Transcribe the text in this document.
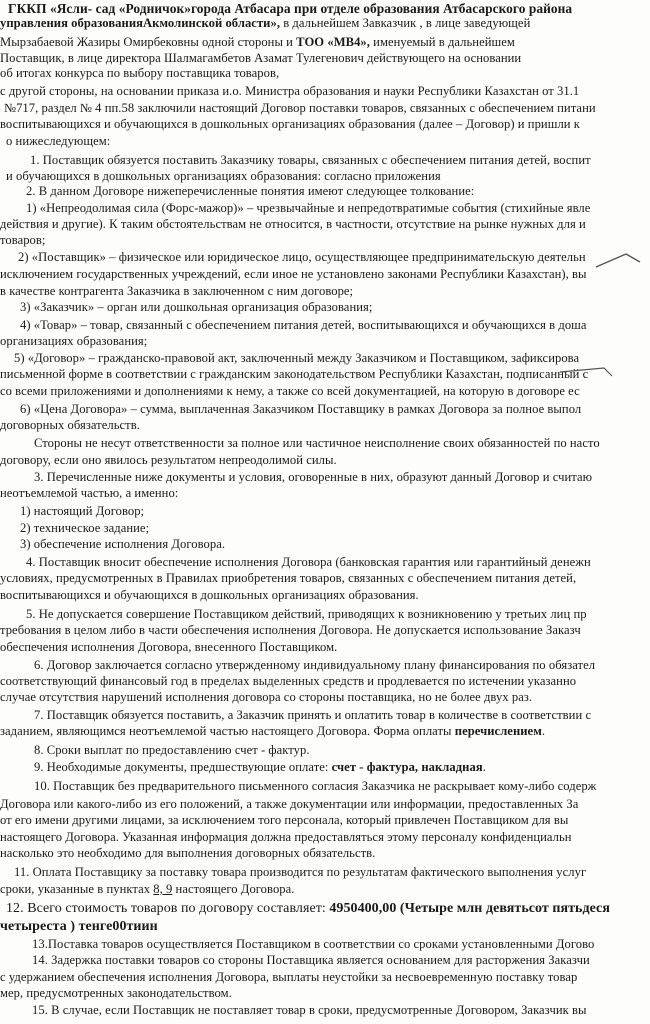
ГККП «Ясли- сад «Родничок»города Атбасара при отделе образования Атбасарского района
управления образованияАкмолинской области», в дальнейшем Завказчик , в лице заведующей
Мырзабаевой Жазиры Омирбековны одной стороны и ТОО «МВ4», именуемый в дальнейшем
Поставщик, в лице директора Шалмагамбетов Азамат Тулегенович действующего на основании
об итогах конкурса по выбору поставщика товаров,
с другой стороны, на основании приказа и.о. Министра образования и науки Республики Казахстан от 31.1
№717, раздел № 4 пп.58 заключили настоящий Договор поставки товаров, связанных с обеспечением питани
воспитывающихся и обучающихся в дошкольных организациях образования (далее – Договор) и пришли к
о нижеследующем:
1. Поставщик обязуется поставить Заказчику товары, связанных с обеспечением питания детей, воспит
и обучающихся в дошкольных организациях образования: согласно приложения
2. В данном Договоре нижеперечисленные понятия имеют следующее толкование:
1) «Непреодолимая сила (Форс-мажор)» – чрезвычайные и непредотвратимые события (стихийные явле
действия и другие). К таким обстоятельствам не относится, в частности, отсутствие на рынке нужных для и
товаров;
2) «Поставщик» – физическое или юридическое лицо, осуществляющее предпринимательскую деятельн
исключением государственных учреждений, если иное не установлено законами Республики Казахстан), вы
в качестве контрагента Заказчика в заключенном с ним договоре;
3) «Заказчик» – орган или дошкольная организация образования;
4) «Товар» – товар, связанный с обеспечением питания детей, воспитывающихся и обучающихся в доша
организациях образования;
5) «Договор» – гражданско-правовой акт, заключенный между Заказчиком и Поставщиком, зафиксирова
письменной форме в соответствии с гражданским законодательством Республики Казахстан, подписанный с
со всеми приложениями и дополнениями к нему, а также со всей документацией, на которую в договоре ес
6) «Цена Договора» – сумма, выплаченная Заказчиком Поставщику в рамках Договора за полное выпол
договорных обязательств.
Стороны не несут ответственности за полное или частичное неисполнение своих обязанностей по насто
договору, если оно явилось результатом непреодолимой силы.
3. Перечисленные ниже документы и условия, оговоренные в них, образуют данный Договор и считаю
неотъемлемой частью, а именно:
1) настоящий Договор;
2) техническое задание;
3) обеспечение исполнения Договора.
4. Поставщик вносит обеспечение исполнения Договора (банковская гарантия или гарантийный денежн
условиях, предусмотренных в Правилах приобретения товаров, связанных с обеспечением питания детей,
воспитывающихся и обучающихся в дошкольных организациях образования.
5. Не допускается совершение Поставщиком действий, приводящих к возникновению у третьих лиц пр
требования в целом либо в части обеспечения исполнения Договора. Не допускается использование Заказч
обеспечения исполнения Договора, внесенного Поставщиком.
6. Договор заключается согласно утвержденному индивидуальному плану финансирования по обязател
соответствующий финансовый год в пределах выделенных средств и продлевается по истечении указанно
случае отсутствия нарушений исполнения договора со стороны поставщика, но не более двух раз.
7. Поставщик обязуется поставить, а Заказчик принять и оплатить товар в количестве в соответствии с
заданием, являющимся неотъемлемой частью настоящего Договора. Форма оплаты перечислением.
8. Сроки выплат по предоставлению счет - фактур.
9. Необходимые документы, предшествующие оплате: счет - фактура, накладная.
10. Поставщик без предварительного письменного согласия Заказчика не раскрывает кому-либо содерж
Договора или какого-либо из его положений, а также документации или информации, предоставленных За
от его имени другими лицами, за исключением того персонала, который привлечен Поставщиком для вы
настоящего Договора. Указанная информация должна предоставляться этому персоналу конфиденциальн
насколько это необходимо для выполнения договорных обязательств.
11. Оплата Поставщику за поставку товара производится по результатам фактического выполнения услуг
сроки, указанные в пунктах 8, 9 настоящего Договора.
12. Всего стоимость товаров по договору составляет: 4950400,00 (Четыре млн девятьсот пятьдеся
четыреста ) тенге00тиин
13.Поставка товаров осуществляется Поставщиком в соответствии со сроками установленными Догово
14. Задержка поставки товаров со стороны Поставщика является основанием для расторжения Заказчи
с удержанием обеспечения исполнения Договора, выплаты неустойки за несвоевременную поставку товар
мер, предусмотренных законодательством.
15. В случае, если Поставщик не поставляет товар в сроки, предусмотренные Договором, Заказчик вы
